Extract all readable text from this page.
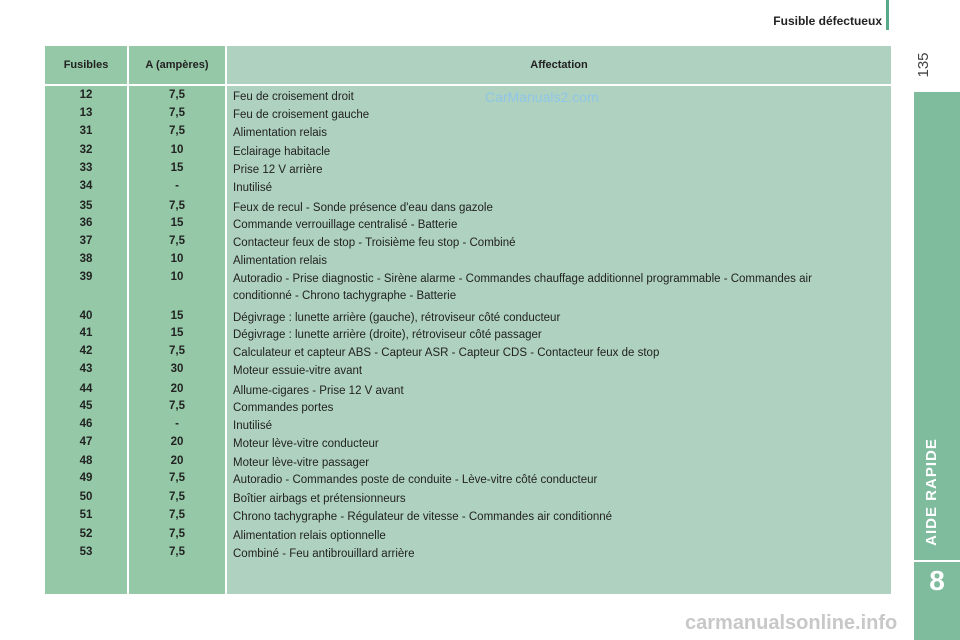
Fusible défectueux
135
AIDE RAPIDE
8
Fusibles	A (ampères)	Affectation
12	7,5	Feu de croisement droit
13	7,5	Feu de croisement gauche
31	7,5	Alimentation relais
32	10	Eclairage habitacle
33	15	Prise 12 V arrière
34	-	Inutilisé
35	7,5	Feux de recul - Sonde présence d'eau dans gazole
36	15	Commande verrouillage centralisé - Batterie
37	7,5	Contacteur feux de stop - Troisième feu stop - Combiné
38	10	Alimentation relais
39	10	Autoradio - Prise diagnostic - Sirène alarme - Commandes chauffage additionnel programmable - Commandes air conditionné - Chrono tachygraphe - Batterie
40	15	Dégivrage : lunette arrière (gauche), rétroviseur côté conducteur
41	15	Dégivrage : lunette arrière (droite), rétroviseur côté passager
42	7,5	Calculateur et capteur ABS - Capteur ASR - Capteur CDS - Contacteur feux de stop
43	30	Moteur essuie-vitre avant
44	20	Allume-cigares - Prise 12 V avant
45	7,5	Commandes portes
46	-	Inutilisé
47	20	Moteur lève-vitre conducteur
48	20	Moteur lève-vitre passager
49	7,5	Autoradio - Commandes poste de conduite - Lève-vitre côté conducteur
50	7,5	Boîtier airbags et prétensionneurs
51	7,5	Chrono tachygraphe - Régulateur de vitesse - Commandes air conditionné
52	7,5	Alimentation relais optionnelle
53	7,5	Combiné - Feu antibrouillard arrière
CarManuals2.com
carmanualsonline.info
